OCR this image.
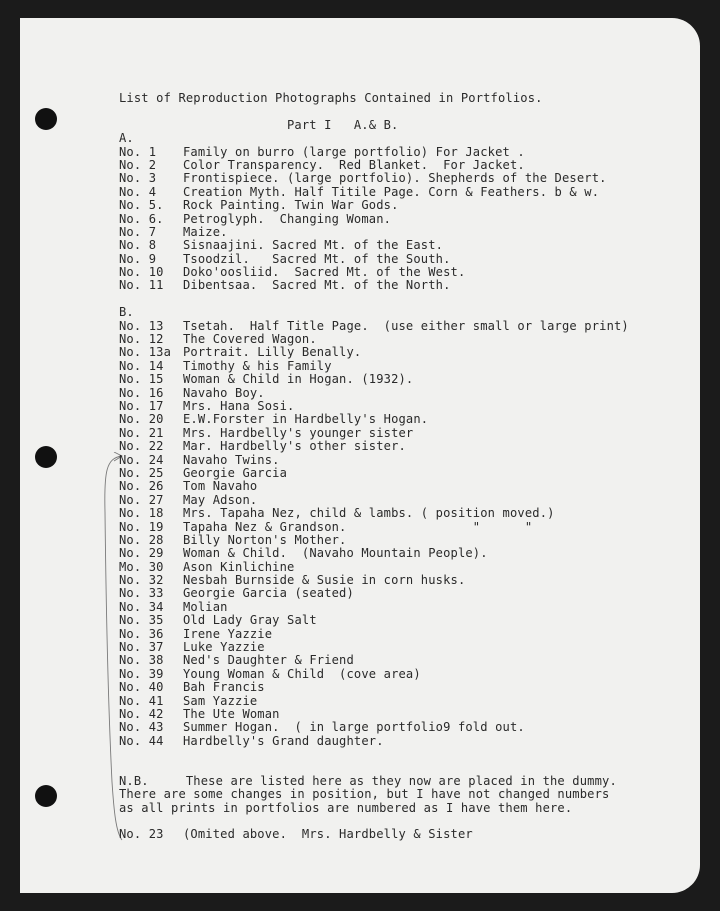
List of Reproduction Photographs Contained in Portfolios.
Part I   A.& B.
A.
No. 1 Family on burro (large portfolio) For Jacket .
No. 2 Color Transparency.  Red Blanket.  For Jacket.
No. 3 Frontispiece. (large portfolio). Shepherds of the Desert.
No. 4 Creation Myth. Half Titile Page. Corn & Feathers. b & w.
No. 5. Rock Painting. Twin War Gods.
No. 6. Petroglyph.  Changing Woman.
No. 7 Maize.
No. 8 Sisnaajini. Sacred Mt. of the East.
No. 9 Tsoodzil.   Sacred Mt. of the South.
No. 10 Doko'oosliid.  Sacred Mt. of the West.
No. 11 Dibentsaa.  Sacred Mt. of the North.
B.
No. 13 Tsetah.  Half Title Page.  (use either small or large print)
No. 12 The Covered Wagon.
No. 13a Portrait. Lilly Benally.
No. 14 Timothy & his Family
No. 15 Woman & Child in Hogan. (1932).
No. 16 Navaho Boy.
No. 17 Mrs. Hana Sosi.
No. 20 E.W.Forster in Hardbelly's Hogan.
No. 21 Mrs. Hardbelly's younger sister
No. 22 Mar. Hardbelly's other sister.
No. 24 Navaho Twins.
No. 25 Georgie Garcia
No. 26 Tom Navaho
No. 27 May Adson.
No. 18 Mrs. Tapaha Nez, child & lambs. ( position moved.)
No. 19 Tapaha Nez & Grandson.                 "      "
No. 28 Billy Norton's Mother.
No. 29 Woman & Child.  (Navaho Mountain People).
Mo. 30 Ason Kinlichine
No. 32 Nesbah Burnside & Susie in corn husks.
No. 33 Georgie Garcia (seated)
No. 34 Molian
No. 35 Old Lady Gray Salt
No. 36 Irene Yazzie
No. 37 Luke Yazzie
No. 38 Ned's Daughter & Friend
No. 39 Young Woman & Child  (cove area)
No. 40 Bah Francis
No. 41 Sam Yazzie
No. 42 The Ute Woman
No. 43 Summer Hogan.  ( in large portfolio9 fold out.
No. 44 Hardbelly's Grand daughter.
N.B.     These are listed here as they now are placed in the dummy.
There are some changes in position, but I have not changed numbers
as all prints in portfolios are numbered as I have them here.
No. 23 (Omited above.  Mrs. Hardbelly & Sister
